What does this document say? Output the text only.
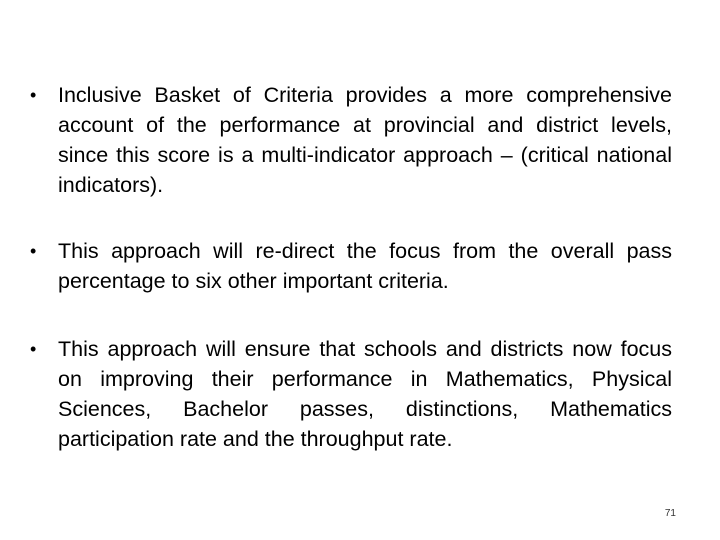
•	Inclusive Basket of Criteria provides a more comprehensive account of the performance at provincial and district levels, since this score is a multi-indicator approach – (critical national indicators).
•	This approach will re-direct the focus from the overall pass percentage to six other important criteria.
•	This approach will ensure that schools and districts now focus on improving their performance in Mathematics, Physical Sciences, Bachelor passes, distinctions, Mathematics participation rate and the throughput rate.
71
